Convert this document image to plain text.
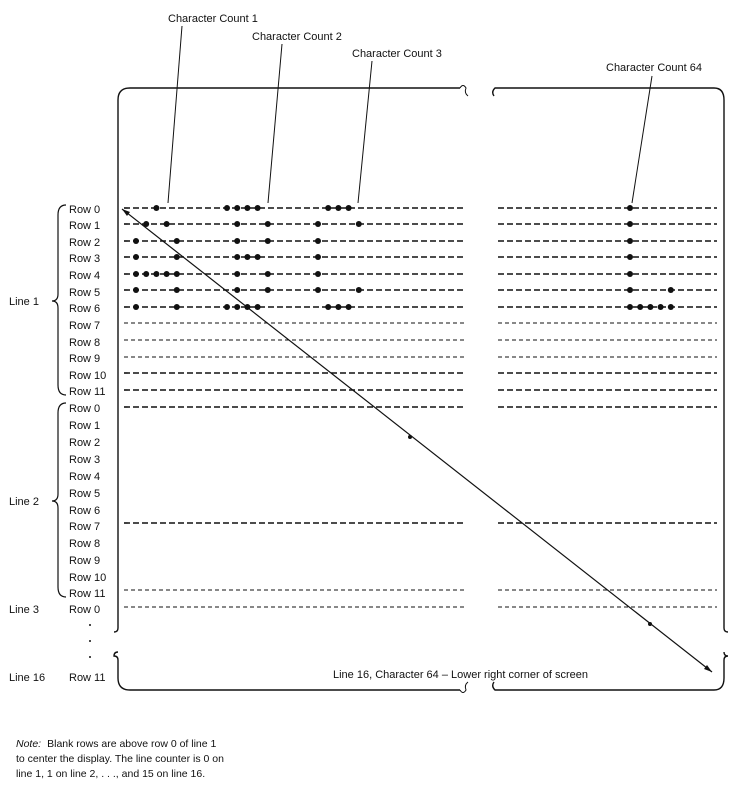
Character Count 1
Character Count 2
Character Count 3
Character Count 64
Line 1
Line 2
Row 0
Row 1
Row 2
Row 3
Row 4
Row 5
Row 6
Row 7
Row 8
Row 9
Row 10
Row 11
Row 0
Row 1
Row 2
Row 3
Row 4
Row 5
Row 6
Row 7
Row 8
Row 9
Row 10
Row 11
Line 3	Row 0
Line 16 Row 11	Line 16, Character 64 – Lower right corner of screen
Note: Blank rows are above row 0 of line 1
to center the display. The line counter is 0 on
line 1, 1 on line 2, . . ., and 15 on line 16.
